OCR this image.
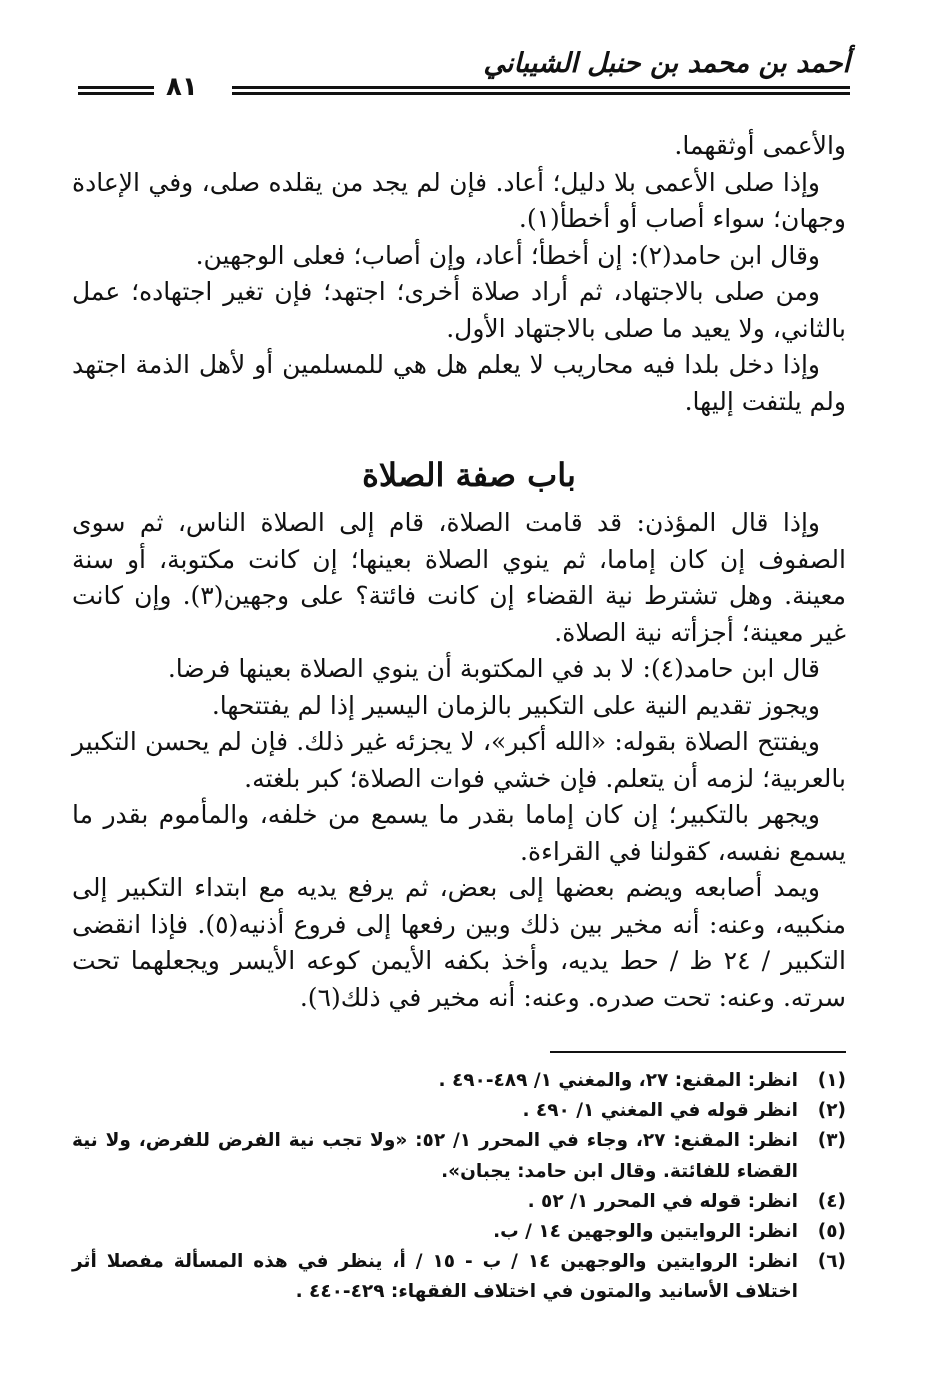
أحمد بن محمد بن حنبل الشيباني
٨١

والأعمى أوثقهما.

وإذا صلى الأعمى بلا دليل؛ أعاد. فإن لم يجد من يقلده صلى، وفي الإعادة وجهان؛ سواء أصاب أو أخطأ(١).

وقال ابن حامد(٢): إن أخطأ؛ أعاد، وإن أصاب؛ فعلى الوجهين.

ومن صلى بالاجتهاد، ثم أراد صلاة أخرى؛ اجتهد؛ فإن تغير اجتهاده؛ عمل بالثاني، ولا يعيد ما صلى بالاجتهاد الأول.

وإذا دخل بلدا فيه محاريب لا يعلم هل هي للمسلمين أو لأهل الذمة اجتهد ولم يلتفت إليها.

باب صفة الصلاة

وإذا قال المؤذن: قد قامت الصلاة، قام إلى الصلاة الناس، ثم سوى الصفوف إن كان إماما، ثم ينوي الصلاة بعينها؛ إن كانت مكتوبة، أو سنة معينة. وهل تشترط نية القضاء إن كانت فائتة؟ على وجهين(٣). وإن كانت غير معينة؛ أجزأته نية الصلاة.

قال ابن حامد(٤): لا بد في المكتوبة أن ينوي الصلاة بعينها فرضا.

ويجوز تقديم النية على التكبير بالزمان اليسير إذا لم يفتتحها.

ويفتتح الصلاة بقوله: «الله أكبر»، لا يجزئه غير ذلك. فإن لم يحسن التكبير بالعربية؛ لزمه أن يتعلم. فإن خشي فوات الصلاة؛ كبر بلغته.

ويجهر بالتكبير؛ إن كان إماما بقدر ما يسمع من خلفه، والمأموم بقدر ما يسمع نفسه، كقولنا في القراءة.

ويمد أصابعه ويضم بعضها إلى بعض، ثم يرفع يديه مع ابتداء التكبير إلى منكبيه، وعنه: أنه مخير بين ذلك وبين رفعها إلى فروع أذنيه(٥). فإذا انقضى التكبير / ٢٤ ظ / حط يديه، وأخذ بكفه الأيمن كوعه الأيسر ويجعلهما تحت سرته. وعنه: تحت صدره. وعنه: أنه مخير في ذلك(٦).

(١)
انظر: المقنع: ٢٧، والمغني ١/ ٤٨٩-٤٩٠ .

(٢)
انظر قوله في المغني ١/ ٤٩٠ .

(٣)
انظر: المقنع: ٢٧، وجاء في المحرر ١/ ٥٢: «ولا تجب نية الفرض للفرض، ولا نية القضاء للفائتة. وقال ابن حامد: يجبان».

(٤)
انظر: قوله في المحرر ١/ ٥٢ .

(٥)
انظر: الروايتين والوجهين ١٤ / ب.

(٦)
انظر: الروايتين والوجهين ١٤ / ب - ١٥ / أ، ينظر في هذه المسألة مفصلا أثر اختلاف الأسانيد والمتون في اختلاف الفقهاء: ٤٢٩-٤٤٠ .
